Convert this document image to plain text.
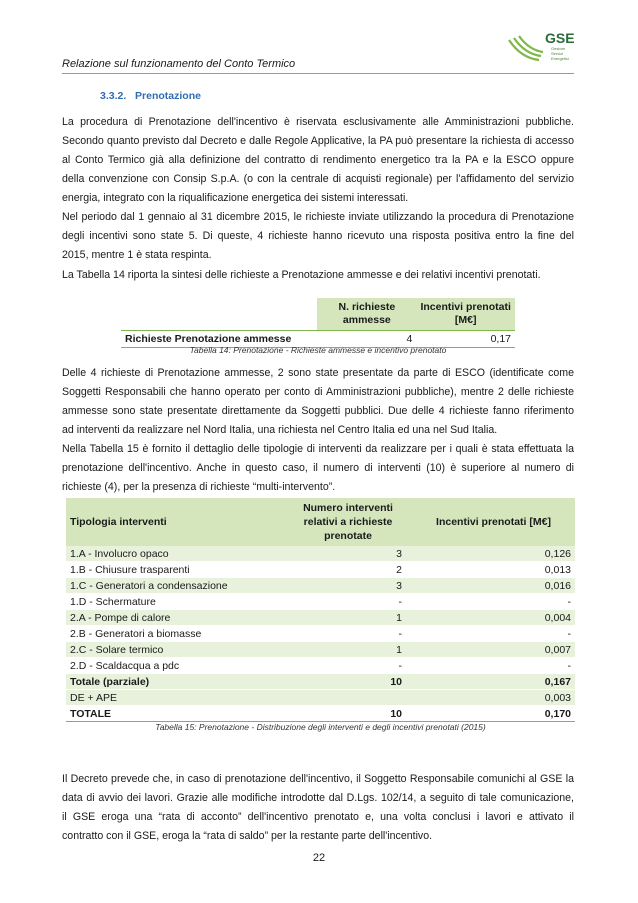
Relazione sul funzionamento del Conto Termico
GSE
Gestore
Servizi
Energetici
3.3.2. Prenotazione
La procedura di Prenotazione dell'incentivo è riservata esclusivamente alle Amministrazioni pubbliche.
Secondo quanto previsto dal Decreto e dalle Regole Applicative, la PA può presentare la richiesta di accesso
al Conto Termico già alla definizione del contratto di rendimento energetico tra la PA e la ESCO oppure
della convenzione con Consip S.p.A. (o con la centrale di acquisti regionale) per l'affidamento del servizio
energia, integrato con la riqualificazione energetica dei sistemi interessati.
Nel periodo dal 1 gennaio al 31 dicembre 2015, le richieste inviate utilizzando la procedura di Prenotazione
degli incentivi sono state 5. Di queste, 4 richieste hanno ricevuto una risposta positiva entro la fine del
2015, mentre 1 è stata respinta.
La Tabella 14 riporta la sintesi delle richieste a Prenotazione ammesse e dei relativi incentivi prenotati.
	N. richieste ammesse	Incentivi prenotati [M€]
Richieste Prenotazione ammesse	4	0,17
Tabella 14: Prenotazione - Richieste ammesse e incentivo prenotato
Delle 4 richieste di Prenotazione ammesse, 2 sono state presentate da parte di ESCO (identificate come
Soggetti Responsabili che hanno operato per conto di Amministrazioni pubbliche), mentre 2 delle richieste
ammesse sono state presentate direttamente da Soggetti pubblici. Due delle 4 richieste fanno riferimento
ad interventi da realizzare nel Nord Italia, una richiesta nel Centro Italia ed una nel Sud Italia.
Nella Tabella 15 è fornito il dettaglio delle tipologie di interventi da realizzare per i quali è stata effettuata la
prenotazione dell'incentivo. Anche in questo caso, il numero di interventi (10) è superiore al numero di
richieste (4), per la presenza di richieste “multi-intervento”.
Tipologia interventi	Numero interventi relativi a richieste prenotate	Incentivi prenotati [M€]
1.A - Involucro opaco	3	0,126
1.B - Chiusure trasparenti	2	0,013
1.C - Generatori a condensazione	3	0,016
1.D - Schermature	-	-
2.A - Pompe di calore	1	0,004
2.B - Generatori a biomasse	-	-
2.C - Solare termico	1	0,007
2.D - Scaldacqua a pdc	-	-
Totale (parziale)	10	0,167
DE + APE		0,003
TOTALE	10	0,170
Tabella 15: Prenotazione - Distribuzione degli interventi e degli incentivi prenotati (2015)
Il Decreto prevede che, in caso di prenotazione dell'incentivo, il Soggetto Responsabile comunichi al GSE la
data di avvio dei lavori. Grazie alle modifiche introdotte dal D.Lgs. 102/14, a seguito di tale comunicazione,
il GSE eroga una “rata di acconto” dell'incentivo prenotato e, una volta conclusi i lavori e attivato il
contratto con il GSE, eroga la “rata di saldo” per la restante parte dell'incentivo.
22
